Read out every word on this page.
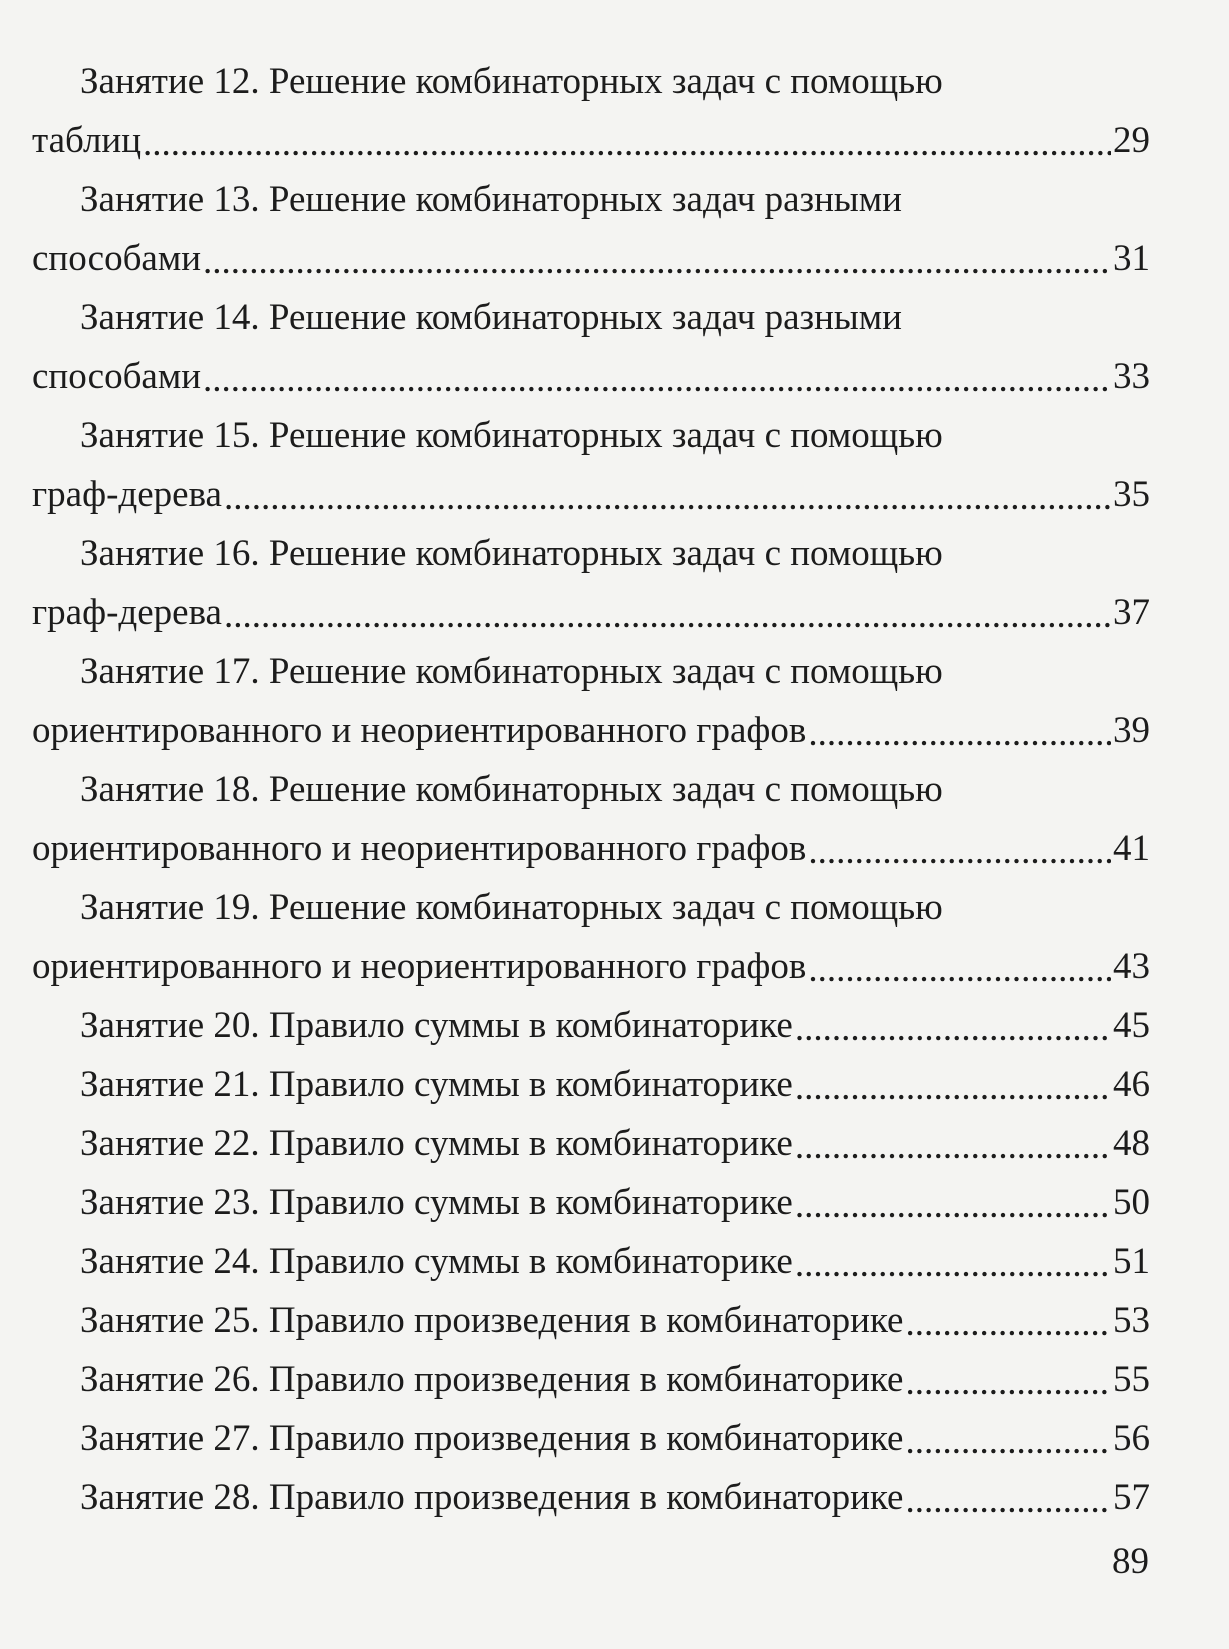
Занятие 12. Решение комбинаторных задач с помощью
таблиц .....	29
Занятие 13. Решение комбинаторных задач разными
способами .....	31
Занятие 14. Решение комбинаторных задач разными
способами .....	33
Занятие 15. Решение комбинаторных задач с помощью
граф-дерева .....	35
Занятие 16. Решение комбинаторных задач с помощью
граф-дерева .....	37
Занятие 17. Решение комбинаторных задач с помощью
ориентированного и неориентированного графов .....	39
Занятие 18. Решение комбинаторных задач с помощью
ориентированного и неориентированного графов .....	41
Занятие 19. Решение комбинаторных задач с помощью
ориентированного и неориентированного графов .....	43
Занятие 20. Правило суммы в комбинаторике .....	45
Занятие 21. Правило суммы в комбинаторике .....	46
Занятие 22. Правило суммы в комбинаторике .....	48
Занятие 23. Правило суммы в комбинаторике .....	50
Занятие 24. Правило суммы в комбинаторике .....	51
Занятие 25. Правило произведения в комбинаторике .....	53
Занятие 26. Правило произведения в комбинаторике .....	55
Занятие 27. Правило произведения в комбинаторике .....	56
Занятие 28. Правило произведения в комбинаторике .....	57
89
